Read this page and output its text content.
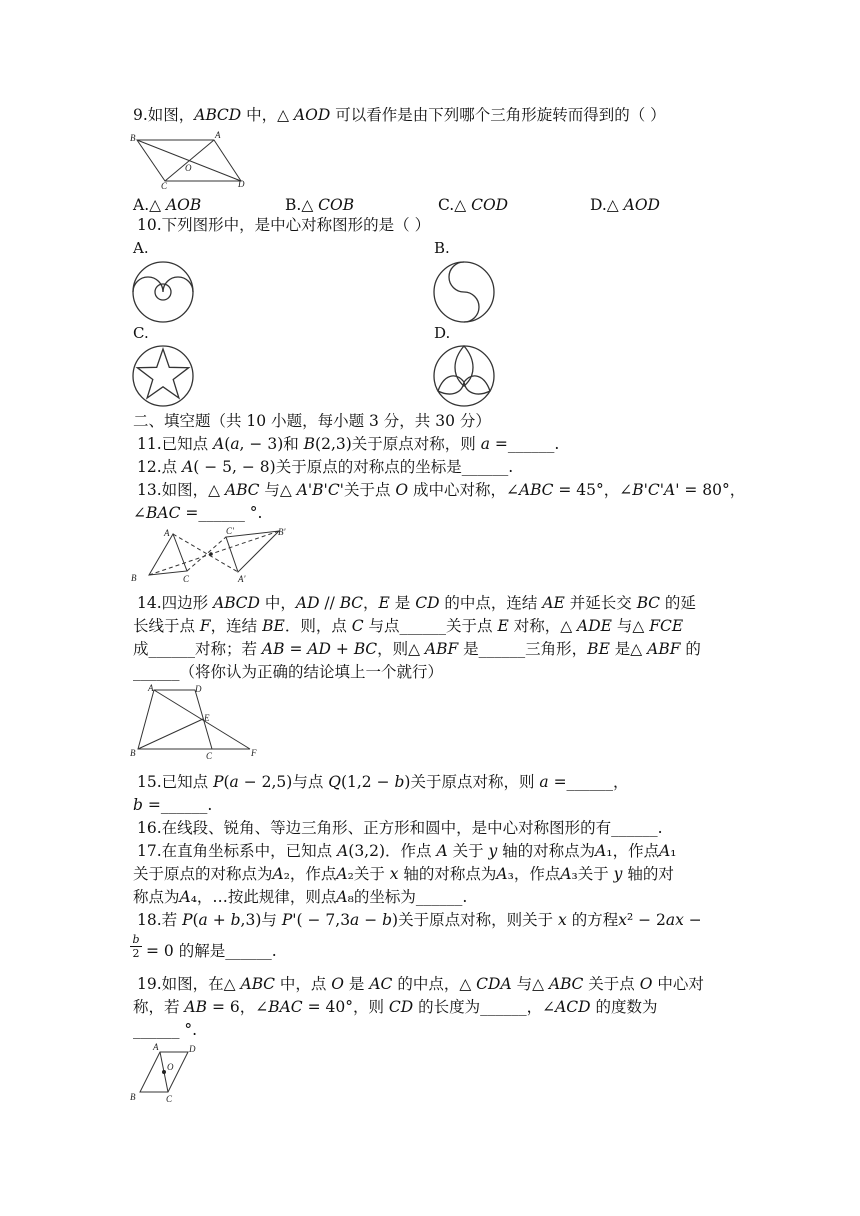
9.如图，𝐴𝐵𝐶𝐷 中，△ 𝐴𝑂𝐷 可以看作是由下列哪个三角形旋转而得到的（ ）
B	A
O
C	D
A.△ 𝐴𝑂𝐵	B.△ 𝐶𝑂𝐵	C.△ 𝐶𝑂𝐷	D.△ 𝐴𝑂𝐷
10.下列图形中，是中心对称图形的是（ ）
A.	B.
C.	D.
二、填空题（共 10 小题，每小题 3 分，共 30 分）
11.已知点 𝐴(𝑎, − 3)和 𝐵(2,3)关于原点对称，则 𝑎 =______.
12.点 𝐴( − 5, − 8)关于原点的对称点的坐标是______.
13.如图，△ 𝐴𝐵𝐶 与△ 𝐴'𝐵'𝐶'关于点 𝑂 成中心对称，∠𝐴𝐵𝐶 = 45°，∠𝐵'𝐶'𝐴' = 80°，
∠𝐵𝐴𝐶 =______ °.
A
B	C
C'	B'
A'
14.四边形 𝐴𝐵𝐶𝐷 中，𝐴𝐷 // 𝐵𝐶，𝐸 是 𝐶𝐷 的中点，连结 𝐴𝐸 并延长交 𝐵𝐶 的延
长线于点 𝐹，连结 𝐵𝐸．则，点 𝐶 与点______关于点 𝐸 对称，△ 𝐴𝐷𝐸 与△ 𝐹𝐶𝐸
成______对称；若 𝐴𝐵 = 𝐴𝐷 + 𝐵𝐶，则△ 𝐴𝐵𝐹 是______三角形，𝐵𝐸 是△ 𝐴𝐵𝐹 的
______（将你认为正确的结论填上一个就行）
A	D
E
B	C	F
15.已知点 𝑃(𝑎 − 2,5)与点 𝑄(1,2 − 𝑏)关于原点对称，则 𝑎 =______，
𝑏 =______.
16.在线段、锐角、等边三角形、正方形和圆中，是中心对称图形的有______.
17.在直角坐标系中，已知点 𝐴(3,2)．作点 𝐴 关于 𝑦 轴的对称点为𝐴₁，作点𝐴₁
关于原点的对称点为𝐴₂，作点𝐴₂关于 𝑥 轴的对称点为𝐴₃，作点𝐴₃关于 𝑦 轴的对
称点为𝐴₄，…按此规律，则点𝐴₈的坐标为______.
18.若 𝑃(𝑎 + 𝑏,3)与 𝑃'( − 7,3𝑎 − 𝑏)关于原点对称，则关于 𝑥 的方程𝑥² − 2𝑎𝑥 −
𝑏
2 = 0 的解是______.
19.如图，在△ 𝐴𝐵𝐶 中，点 𝑂 是 𝐴𝐶 的中点，△ 𝐶𝐷𝐴 与△ 𝐴𝐵𝐶 关于点 𝑂 中心对
称，若 𝐴𝐵 = 6，∠𝐵𝐴𝐶 = 40°，则 𝐶𝐷 的长度为______，∠𝐴𝐶𝐷 的度数为
______ °.
A	D
O
B	C
